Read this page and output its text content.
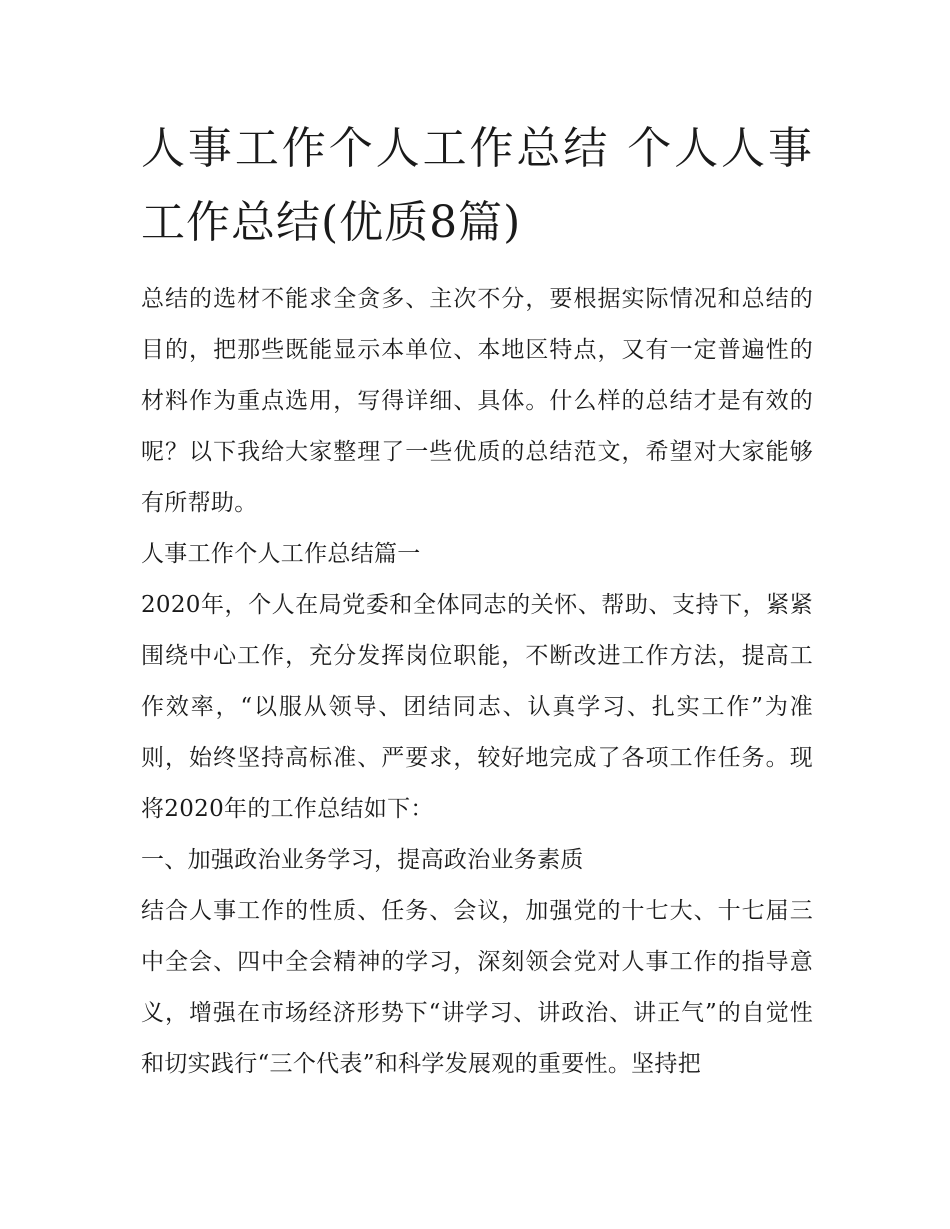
人事工作个人工作总结 个人人事工作总结(优质8篇)

总结的选材不能求全贪多、主次不分，要根据实际情况和总结的目的，把那些既能显示本单位、本地区特点，又有一定普遍性的材料作为重点选用，写得详细、具体。什么样的总结才是有效的呢？以下我给大家整理了一些优质的总结范文，希望对大家能够有所帮助。

人事工作个人工作总结篇一

2020年，个人在局党委和全体同志的关怀、帮助、支持下，紧紧围绕中心工作，充分发挥岗位职能，不断改进工作方法，提高工作效率，“以服从领导、团结同志、认真学习、扎实工作”为准则，始终坚持高标准、严要求，较好地完成了各项工作任务。现将2020年的工作总结如下：

一、加强政治业务学习，提高政治业务素质

结合人事工作的性质、任务、会议，加强党的十七大、十七届三中全会、四中全会精神的学习，深刻领会党对人事工作的指导意义，增强在市场经济形势下“讲学习、讲政治、讲正气”的自觉性和切实践行“三个代表”和科学发展观的重要性。坚持把
